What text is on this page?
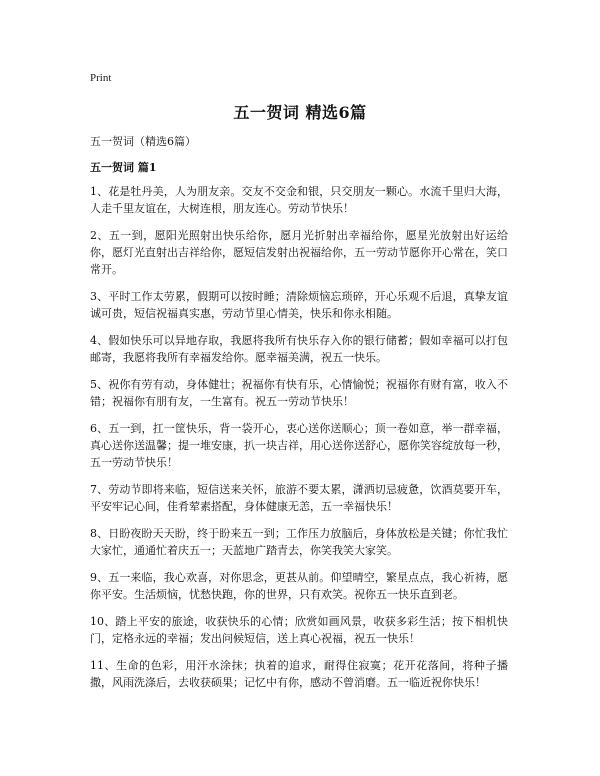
Print
五一贺词 精选6篇
五一贺词（精选6篇）
五一贺词 篇1

1、花是牡丹美，人为朋友亲。交友不交金和银，只交朋友一颗心。水流千里归大海，人走千里友谊在，大树连根，朋友连心。劳动节快乐！

2、五一到，愿阳光照射出快乐给你，愿月光折射出幸福给你，愿星光放射出好运给你，愿灯光直射出吉祥给你，愿短信发射出祝福给你，五一劳动节愿你开心常在，笑口常开。

3、平时工作太劳累，假期可以按时睡；清除烦恼忘琐碎，开心乐观不后退，真挚友谊诚可贵，短信祝福真实惠，劳动节里心情美，快乐和你永相随。

4、假如快乐可以异地存取，我愿将我所有快乐存入你的银行储蓄；假如幸福可以打包邮寄，我愿将我所有幸福发给你。愿幸福美满，祝五一快乐。

5、祝你有劳有动，身体健壮；祝福你有快有乐，心情愉悦；祝福你有财有富，收入不错；祝福你有朋有友，一生富有。祝五一劳动节快乐！

6、五一到，扛一筐快乐，背一袋开心，衷心送你送顺心；顶一卷如意，举一群幸福，真心送你送温馨；提一堆安康，扒一块吉祥，用心送你送舒心，愿你笑容绽放每一秒，五一劳动节快乐！

7、劳动节即将来临，短信送来关怀，旅游不要太累，潇洒切忌疲惫，饮酒莫要开车，平安牢记心间，佳肴荤素搭配，身体健康无恙，五一幸福快乐！

8、日盼夜盼天天盼，终于盼来五一到；工作压力放脑后，身体放松是关键；你忙我忙大家忙，通通忙着庆五一；天蓝地广踏青去，你笑我笑大家笑。

9、五一来临，我心欢喜，对你思念，更甚从前。仰望晴空，繁星点点，我心祈祷，愿你平安。生活烦恼，忧愁快跑，你的世界，只有欢笑。祝你五一快乐直到老。

10、踏上平安的旅途，收获快乐的心情；欣赏如画风景，收获多彩生活；按下相机快门，定格永远的幸福；发出问候短信，送上真心祝福，祝五一快乐！

11、生命的色彩，用汗水涂抹；执着的追求，耐得住寂寞；花开花落间，将种子播撒，风雨洗涤后，去收获硕果；记忆中有你，感动不曾消磨。五一临近祝你快乐！
